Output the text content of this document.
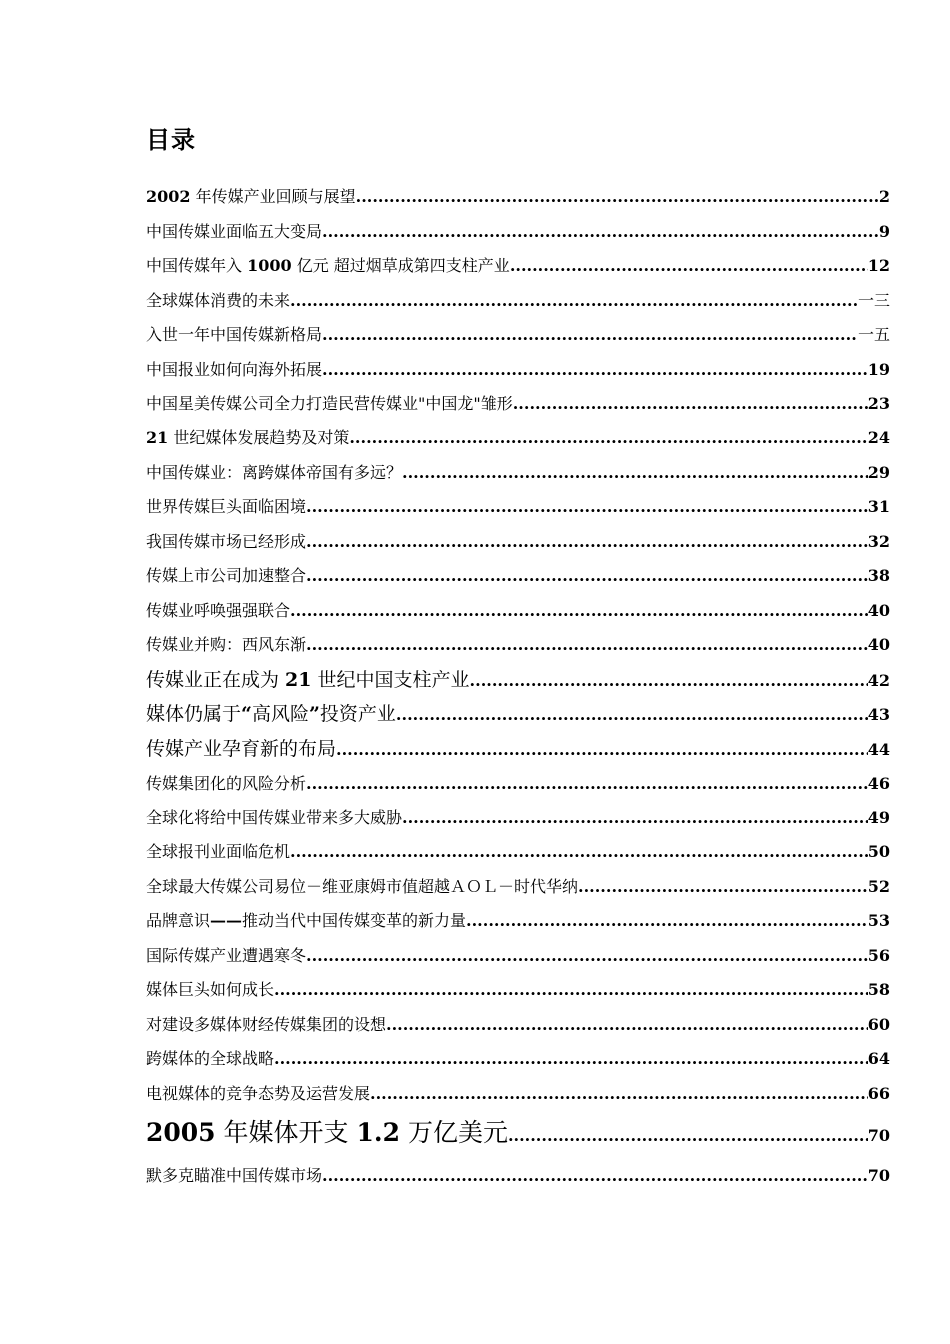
目录
2002 年传媒产业回顾与展望 .....	2
中国传媒业面临五大变局 .....	9
中国传媒年入 1000 亿元 超过烟草成第四支柱产业 .....	12
全球媒体消费的未来 .....	一三
入世一年中国传媒新格局 .....	一五
中国报业如何向海外拓展 .....	19
中国星美传媒公司全力打造民营传媒业"中国龙"雏形 .....	23
21 世纪媒体发展趋势及对策 .....	24
中国传媒业：离跨媒体帝国有多远？ .....	29
世界传媒巨头面临困境 .....	31
我国传媒市场已经形成 .....	32
传媒上市公司加速整合 .....	38
传媒业呼唤强强联合 .....	40
传媒业并购：西风东渐 .....	40
传媒业正在成为 21 世纪中国支柱产业 .....	42
媒体仍属于“高风险”投资产业 .....	43
传媒产业孕育新的布局 .....	44
传媒集团化的风险分析 .....	46
全球化将给中国传媒业带来多大威胁 .....	49
全球报刊业面临危机 .....	50
全球最大传媒公司易位－维亚康姆市值超越ＡＯＬ－时代华纳 .....	52
品牌意识——推动当代中国传媒变革的新力量 .....	53
国际传媒产业遭遇寒冬 .....	56
媒体巨头如何成长 .....	58
对建设多媒体财经传媒集团的设想 .....	60
跨媒体的全球战略 .....	64
电视媒体的竞争态势及运营发展 .....	66
2005 年媒体开支 1.2 万亿美元 .....	70
默多克瞄准中国传媒市场 .....	70
